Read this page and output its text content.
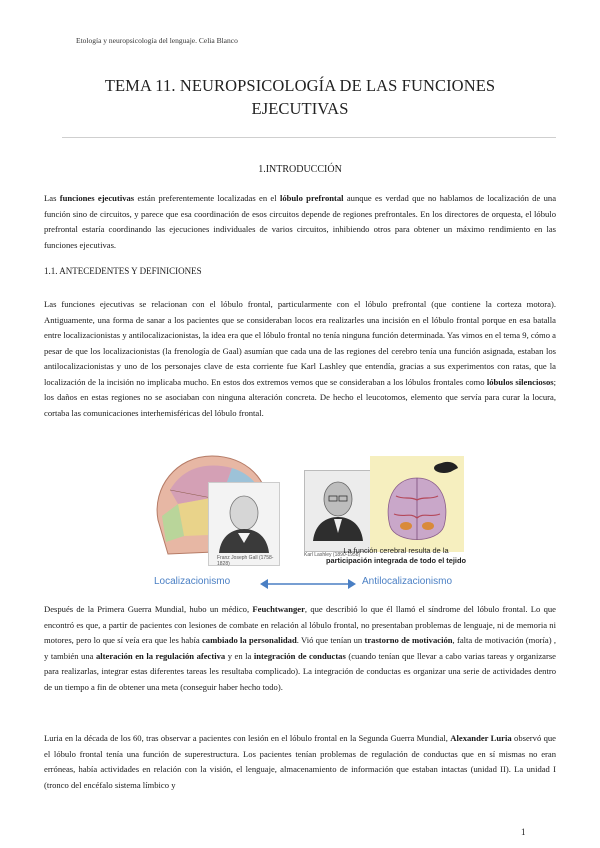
Etología y neuropsicología del lenguaje. Celia Blanco
TEMA 11. NEUROPSICOLOGÍA DE LAS FUNCIONES
EJECUTIVAS
1.INTRODUCCIÓN

Las funciones ejecutivas están preferentemente localizadas en el lóbulo prefrontal aunque es verdad que no hablamos de localización de una función sino de circuitos, y parece que esa coordinación de esos circuitos depende de regiones prefrontales. En los directores de orquesta, el lóbulo prefrontal estaría coordinando las ejecuciones individuales de varios circuitos, inhibiendo otros para obtener un máximo rendimiento en las funciones ejecutivas.

1.1. ANTECEDENTES Y DEFINICIONES

Las funciones ejecutivas se relacionan con el lóbulo frontal, particularmente con el lóbulo prefrontal (que contiene la corteza motora). Antiguamente, una forma de sanar a los pacientes que se consideraban locos era realizarles una incisión en el lóbulo frontal porque en esa batalla entre localizacionistas y antilocalizacionistas, la idea era que el lóbulo frontal no tenía ninguna función determinada. Yas vimos en el tema 9, cómo a pesar de que los localizacionistas (la frenología de Gaal) asumían que cada una de las regiones del cerebro tenía una función asignada, estaban los antilocalizacionistas y uno de los personajes clave de esta corriente fue Karl Lashley que entendía, gracias a sus experimentos con ratas, que la localización de la incisión no implicaba mucho. En estos dos extremos vemos que se consideraban a los lóbulos frontales como lóbulos silenciosos; los daños en estas regiones no se asociaban con ninguna alteración concreta. De hecho el leucotomos, elemento que servía para curar la locura, cortaba las comunicaciones interhemisféricas del lóbulo frontal.

Franz Joseph Gall (1758-1828)
Karl Lashley (1890-1958)
La función cerebral resulta de la
participación integrada de todo el tejido
Localizacionismo	Antilocalizacionismo

Después de la Primera Guerra Mundial, hubo un médico, Feuchtwanger, que describió lo que él llamó el síndrome del lóbulo frontal. Lo que encontró es que, a partir de pacientes con lesiones de combate en relación al lóbulo frontal, no presentaban problemas de lenguaje, ni de memoria ni motores, pero lo que sí veía era que les había cambiado la personalidad. Vió que tenían un trastorno de motivación, falta de motivación (moría) , y también una alteración en la regulación afectiva y en la integración de conductas (cuando tenían que llevar a cabo varias tareas y organizarse para realizarlas, integrar estas diferentes tareas les resultaba complicado). La integración de conductas es organizar una serie de actividades dentro de un tiempo a fin de obtener una meta (conseguir haber hecho todo).

Luria en la década de los 60, tras observar a pacientes con lesión en el lóbulo frontal en la Segunda Guerra Mundial, Alexander Luria observó que el lóbulo frontal tenía una función de superestructura. Los pacientes tenían problemas de regulación de conductas que en sí mismas no eran erróneas, había actividades en relación con la visión, el lenguaje, almacenamiento de información que estaban intactas (unidad II). La unidad I (tronco del encéfalo sistema límbico y

1
